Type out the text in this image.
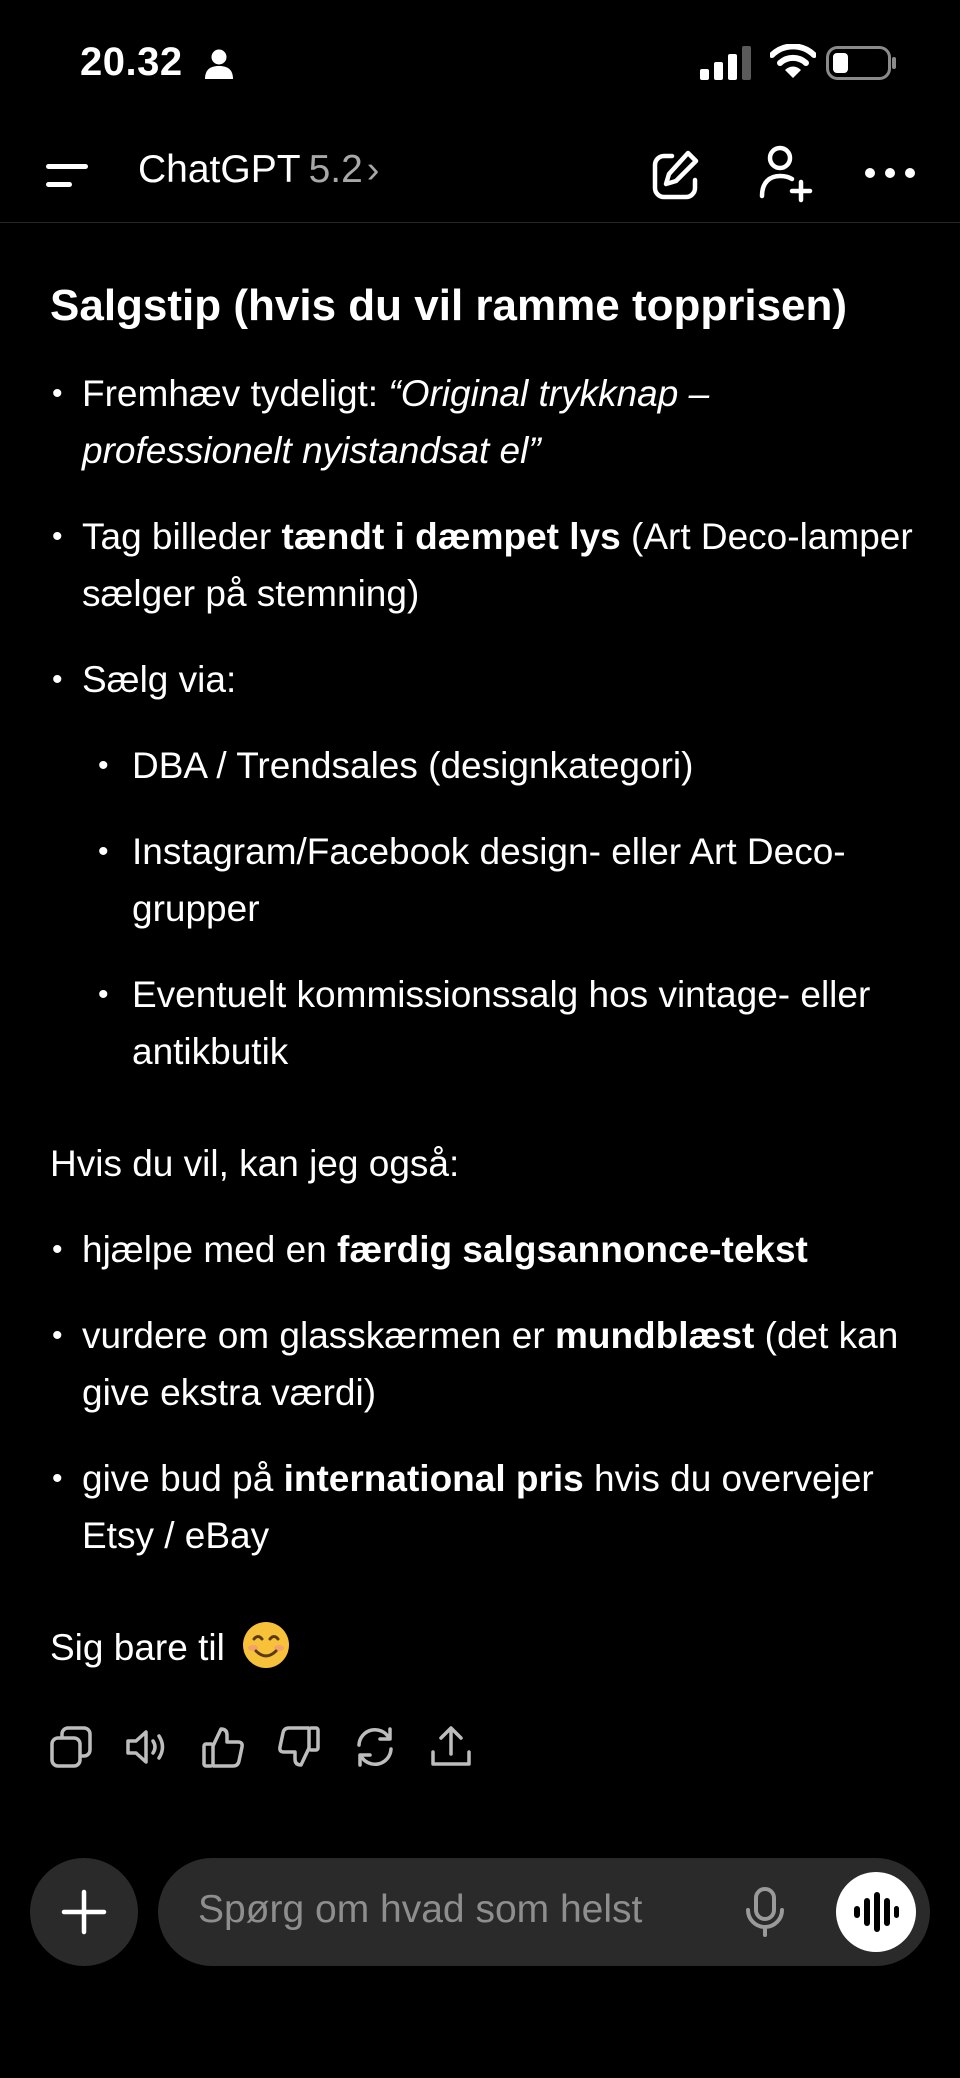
20.32
ChatGPT 5.2 ›
Salgstip (hvis du vil ramme topprisen)
• Fremhæv tydeligt: “Original trykknap – professionelt nyistandsat el”
• Tag billeder tændt i dæmpet lys (Art Deco-lamper sælger på stemning)
• Sælg via:
• DBA / Trendsales (designkategori)
• Instagram/Facebook design- eller Art Deco-grupper
• Eventuelt kommissionssalg hos vintage- eller antikbutik

Hvis du vil, kan jeg også:

• hjælpe med en færdig salgsannonce-tekst
• vurdere om glasskærmen er mundblæst (det kan give ekstra værdi)
• give bud på international pris hvis du overvejer Etsy / eBay

Sig bare til

Spørg om hvad som helst
